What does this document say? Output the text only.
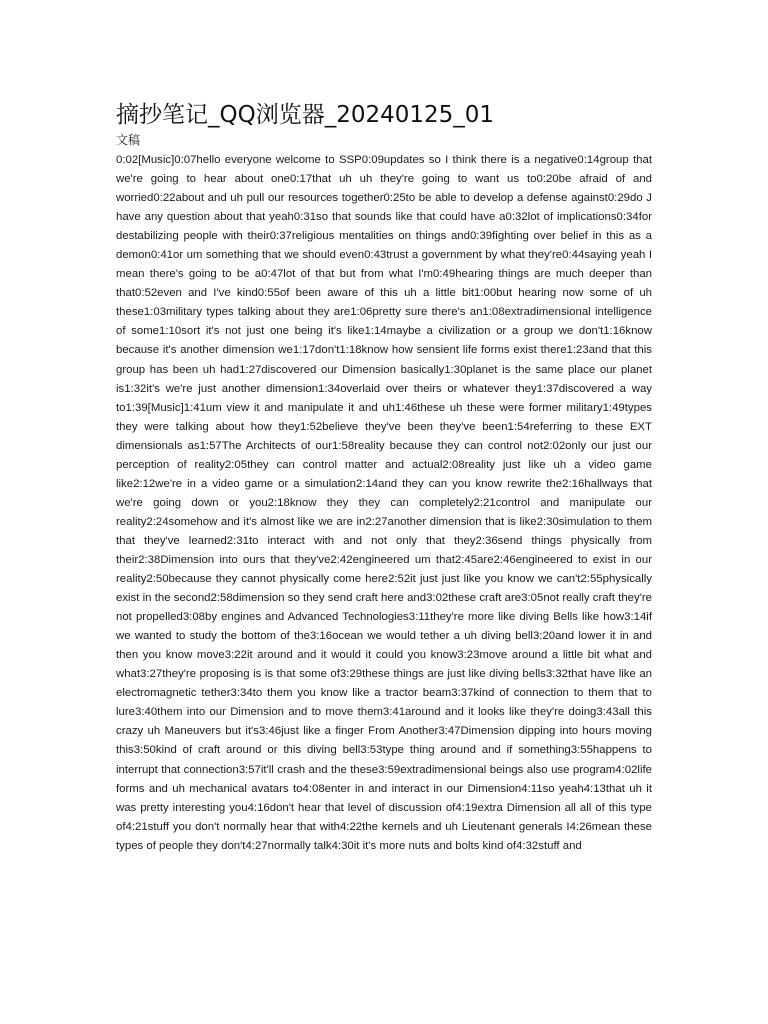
摘抄笔记_QQ浏览器_20240125_01
文稿

0:02[Music]0:07hello everyone welcome to SSP0:09updates so I think there is a negative0:14group that we're going to hear about one0:17that uh uh they're going to want us to0:20be afraid of and worried0:22about and uh pull our resources together0:25to be able to develop a defense against0:29do J have any question about that yeah0:31so that sounds like that could have a0:32lot of implications0:34for destabilizing people with their0:37religious mentalities on things and0:39fighting over belief in this as a demon0:41or um something that we should even0:43trust a government by what they're0:44saying yeah I mean there's going to be a0:47lot of that but from what I'm0:49hearing things are much deeper than that0:52even and I've kind0:55of been aware of this uh a little bit1:00but hearing now some of uh these1:03military types talking about they are1:06pretty sure there's an1:08extradimensional intelligence of some1:10sort it's not just one being it's like1:14maybe a civilization or a group we don't1:16know because it's another dimension we1:17don't1:18know how sensient life forms exist there1:23and that this group has been uh had1:27discovered our Dimension basically1:30planet is the same place our planet is1:32it's we're just another dimension1:34overlaid over theirs or whatever they1:37discovered a way to1:39[Music]1:41um view it and manipulate it and uh1:46these uh these were former military1:49types they were talking about how they1:52believe they've been they've been1:54referring to these EXT dimensionals as1:57The Architects of our1:58reality because they can control not2:02only our just our perception of reality2:05they can control matter and actual2:08reality just like uh a video game like2:12we're in a video game or a simulation2:14and they can you know rewrite the2:16hallways that we're going down or you2:18know they they can completely2:21control and manipulate our reality2:24somehow and it's almost like we are in2:27another dimension that is like2:30simulation to them that they've learned2:31to interact with and not only that they2:36send things physically from their2:38Dimension into ours that they've2:42engineered um that2:45are2:46engineered to exist in our reality2:50because they cannot physically come here2:52it just just like you know we can't2:55physically exist in the second2:58dimension so they send craft here and3:02these craft are3:05not really craft they're not propelled3:08by engines and Advanced Technologies3:11they're more like diving Bells like how3:14if we wanted to study the bottom of the3:16ocean we would tether a uh diving bell3:20and lower it in and then you know move3:22it around and it would it could you know3:23move around a little bit what and what3:27they're proposing is is that some of3:29these things are just like diving bells3:32that have like an electromagnetic tether3:34to them you know like a tractor beam3:37kind of connection to them that to lure3:40them into our Dimension and to move them3:41around and it looks like they're doing3:43all this crazy uh Maneuvers but it's3:46just like a finger From Another3:47Dimension dipping into hours moving this3:50kind of craft around or this diving bell3:53type thing around and if something3:55happens to interrupt that connection3:57it'll crash and the these3:59extradimensional beings also use program4:02life forms and uh mechanical avatars to4:08enter in and interact in our Dimension4:11so yeah4:13that uh it was pretty interesting you4:16don't hear that level of discussion of4:19extra Dimension all all of this type of4:21stuff you don't normally hear that with4:22the kernels and uh Lieutenant generals I4:26mean these types of people they don't4:27normally talk4:30it it's more nuts and bolts kind of4:32stuff and
